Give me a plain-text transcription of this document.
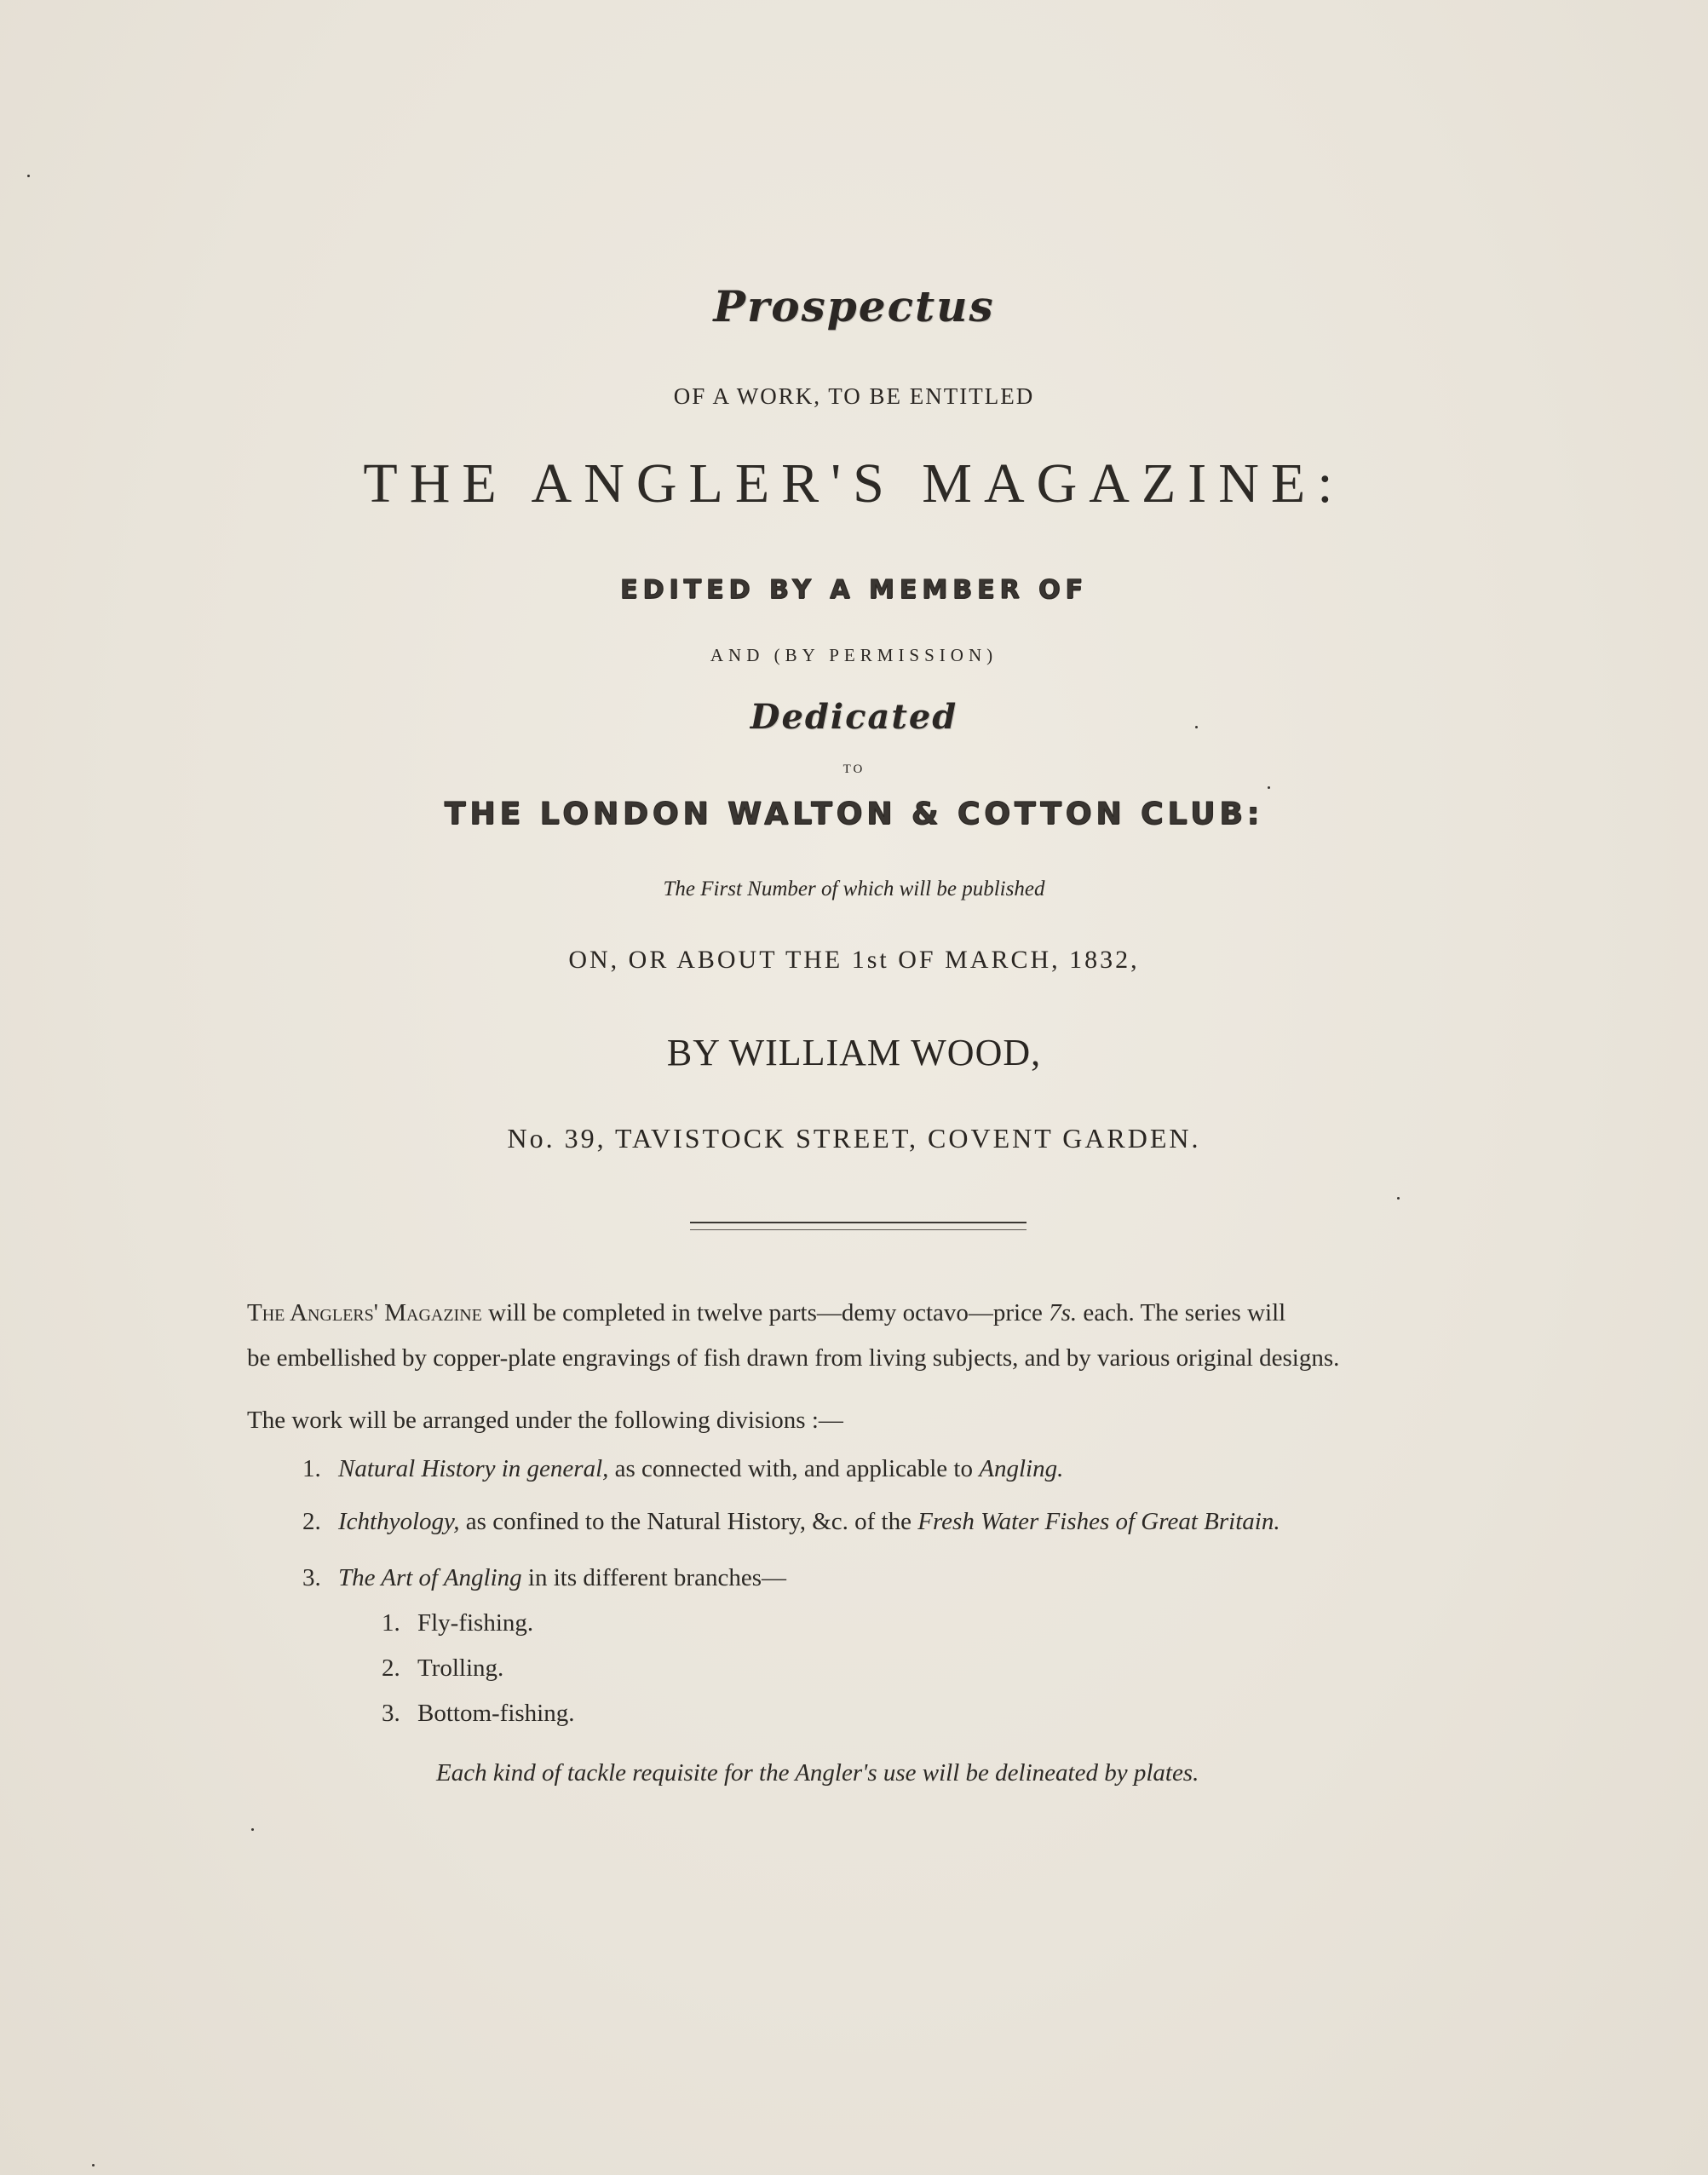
Prospectus
OF A WORK, TO BE ENTITLED
THE ANGLER'S MAGAZINE:
EDITED BY A MEMBER OF
AND (BY PERMISSION)
Dedicated
TO
THE LONDON WALTON & COTTON CLUB:
The First Number of which will be published
ON, OR ABOUT THE 1st OF MARCH, 1832,
BY WILLIAM WOOD,
No. 39, TAVISTOCK STREET, COVENT GARDEN.
The Anglers' Magazine will be completed in twelve parts—demy octavo—price 7s. each. The series will
be embellished by copper-plate engravings of fish drawn from living subjects, and by various original designs.
The work will be arranged under the following divisions :—
1. Natural History in general, as connected with, and applicable to Angling.
2. Ichthyology, as confined to the Natural History, &c. of the Fresh Water Fishes of Great Britain.
3. The Art of Angling in its different branches—
1. Fly-fishing.
2. Trolling.
3. Bottom-fishing.
Each kind of tackle requisite for the Angler's use will be delineated by plates.
